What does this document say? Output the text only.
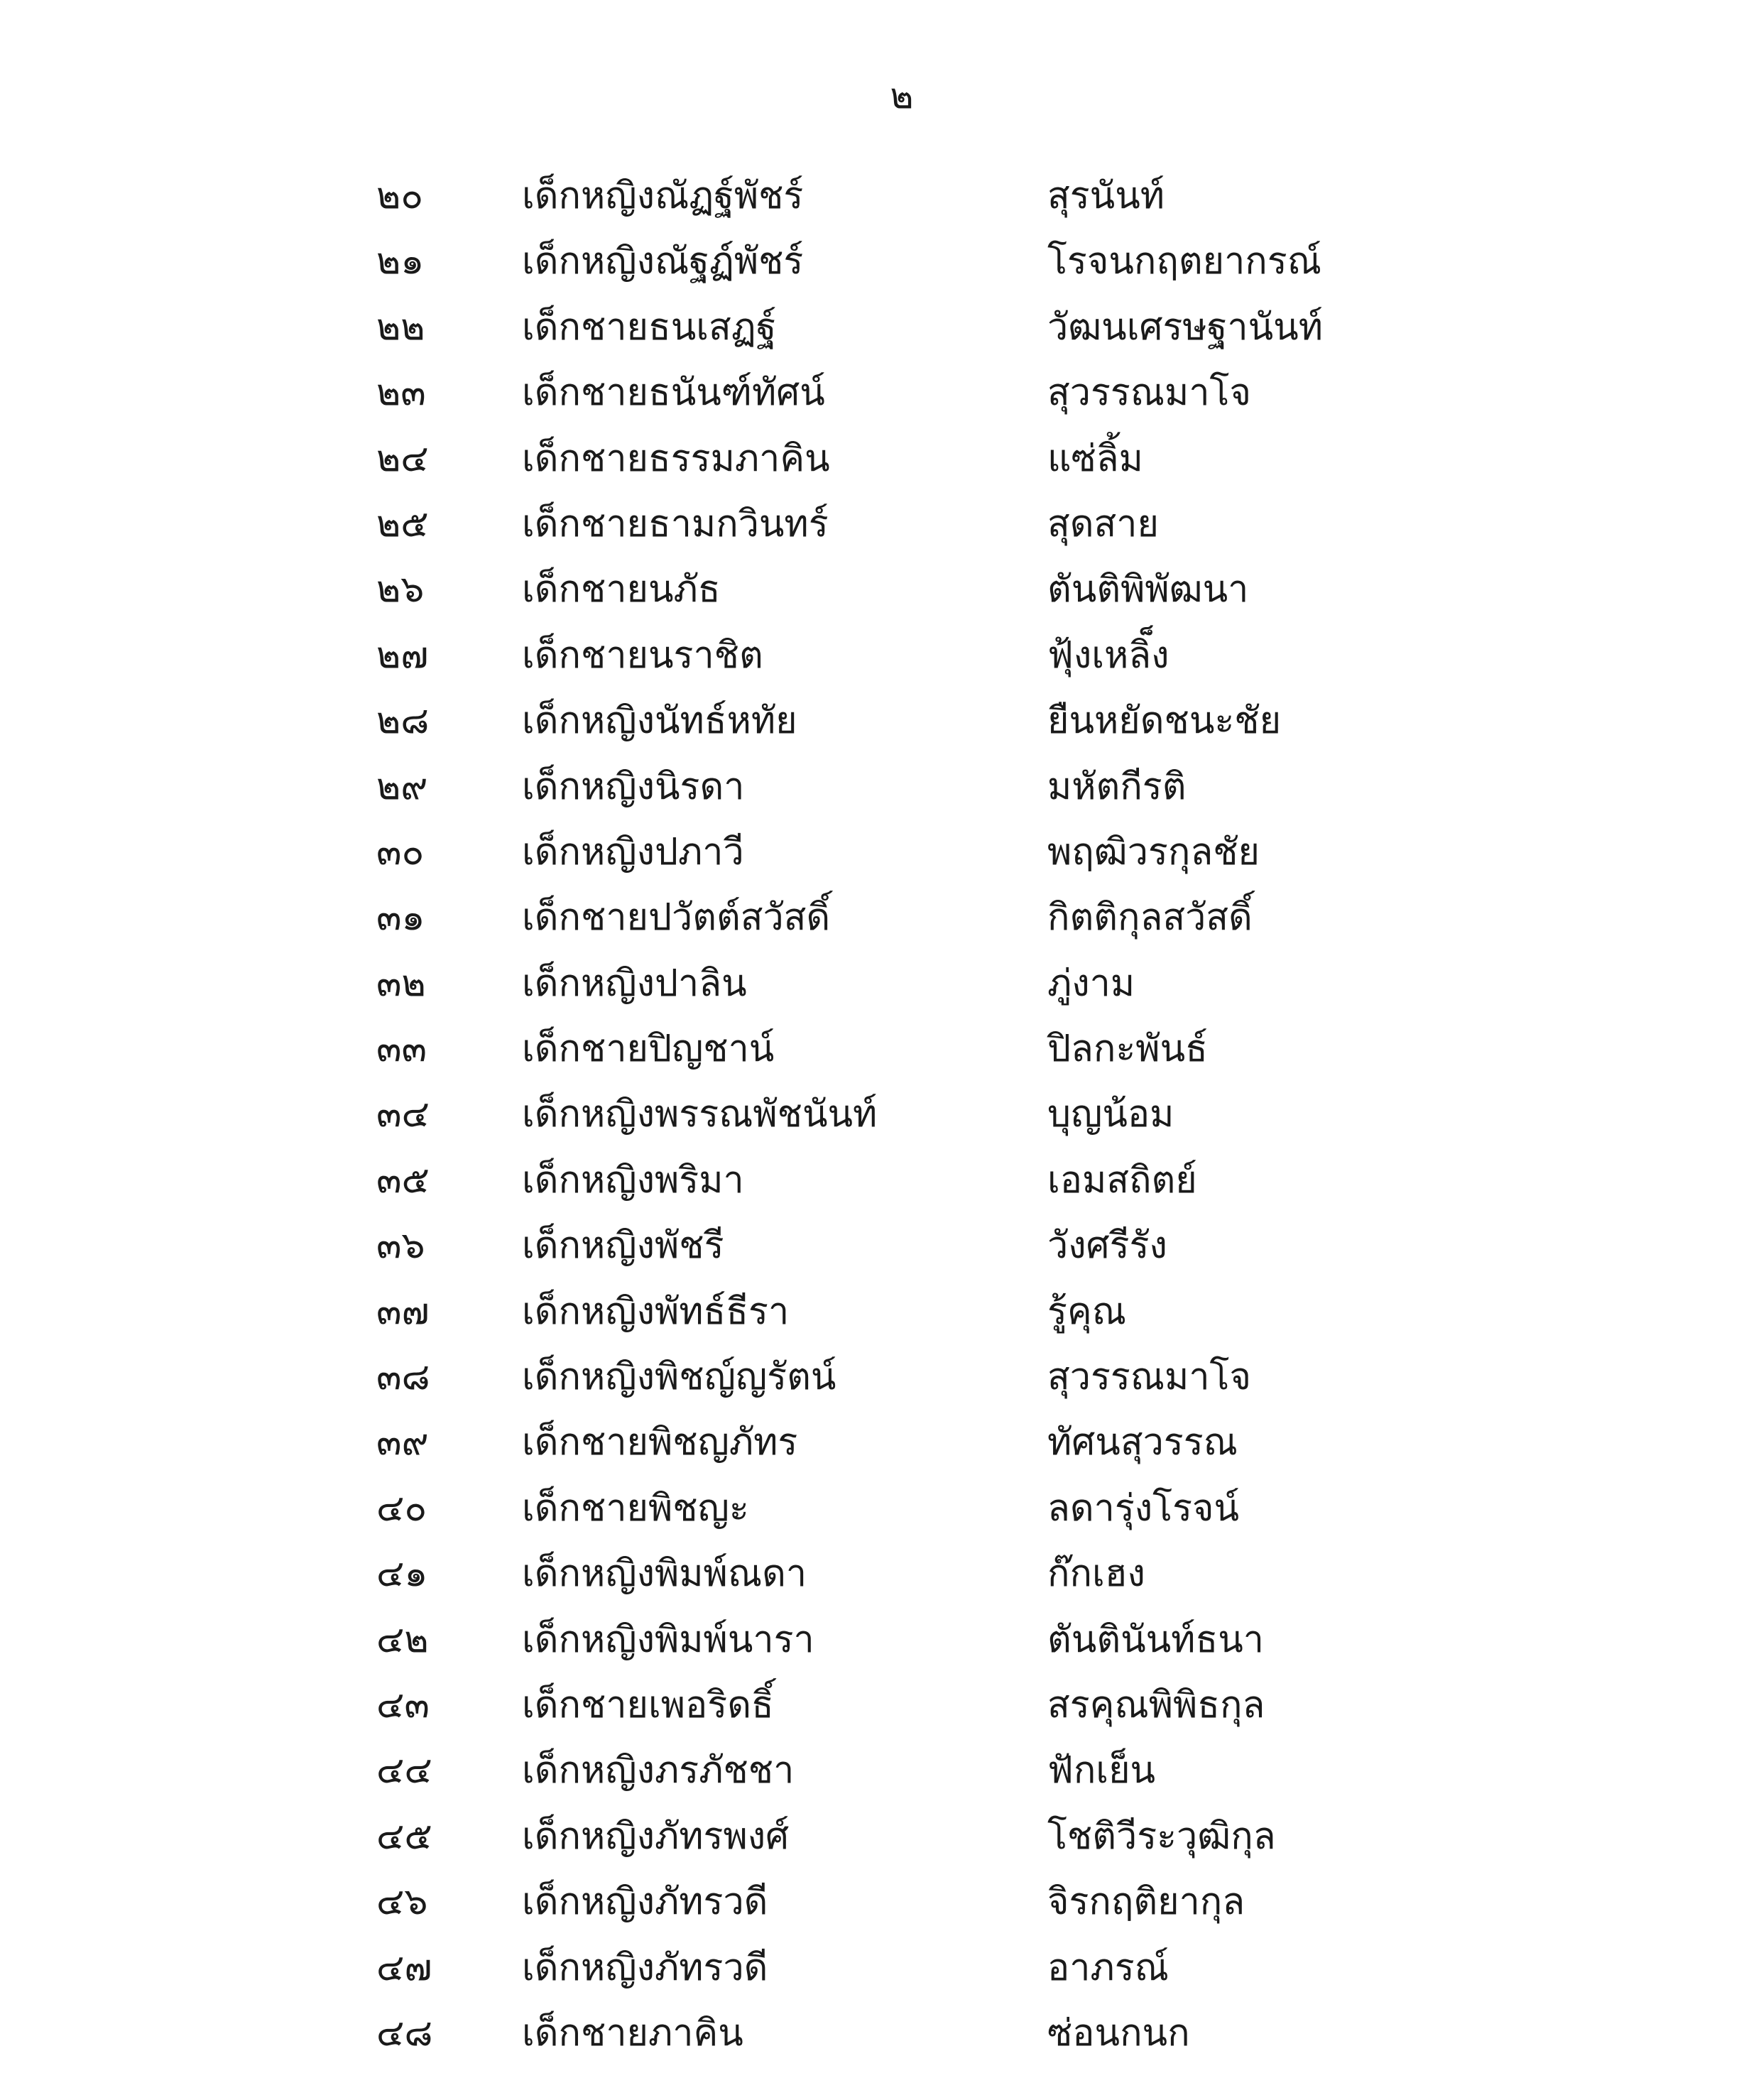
๒
๒๐	เด็กหญิงณัฏฐ์พัชร์	สุรนันท์
๒๑	เด็กหญิงณัฐฏ์พัชร์	โรจนกฤตยากรณ์
๒๒	เด็กชายธนเสฏฐ์	วัฒนเศรษฐานันท์
๒๓	เด็กชายธนันฑ์ทัศน์	สุวรรณมาโจ
๒๔	เด็กชายธรรมภาคิน	แซ่ลิ้ม
๒๕	เด็กชายธามกวินทร์	สุดสาย
๒๖	เด็กชายนภัธ	ตันติพิพัฒนา
๒๗	เด็กชายนราชิต	ฟุ้งเหลิ็ง
๒๘	เด็กหญิงนัทธ์หทัย	ยืนหยัดชนะชัย
๒๙	เด็กหญิงนิรดา	มหัตกีรติ
๓๐	เด็กหญิงปภาวี	พฤฒิวรกุลชัย
๓๑	เด็กชายปวัตต์สวัสดิ์	กิตติกุลสวัสดิ์
๓๒	เด็กหญิงปาลิน	ภู่งาม
๓๓	เด็กชายปิญชาน์	ปิลกะพันธ์
๓๔	เด็กหญิงพรรณพัชนันท์	บุญน้อม
๓๕	เด็กหญิงพริมา	เอมสถิตย์
๓๖	เด็กหญิงพัชรี	วังศรีรัง
๓๗	เด็กหญิงพัทธ์ธีรา	รู้คุณ
๓๘	เด็กหญิงพิชญ์ญรัตน์	สุวรรณมาโจ
๓๙	เด็กชายพิชญภัทร	ทัศนสุวรรณ
๔๐	เด็กชายพิชญะ	ลดารุ่งโรจน์
๔๑	เด็กหญิงพิมพ์ณดา	ก๊กเฮง
๔๒	เด็กหญิงพิมพ์นารา	ตันตินันท์ธนา
๔๓	เด็กชายเพอริดธิ์	สรคุณพิพิธกุล
๔๔	เด็กหญิงภรภัชชา	ฟักเย็น
๔๕	เด็กหญิงภัทรพงศ์	โชติวีระวุฒิกุล
๔๖	เด็กหญิงภัทรวดี	จิรกฤติยากุล
๔๗	เด็กหญิงภัทรวดี	อาภรณ์
๔๘	เด็กชายภาคิน	ซ่อนกนก
